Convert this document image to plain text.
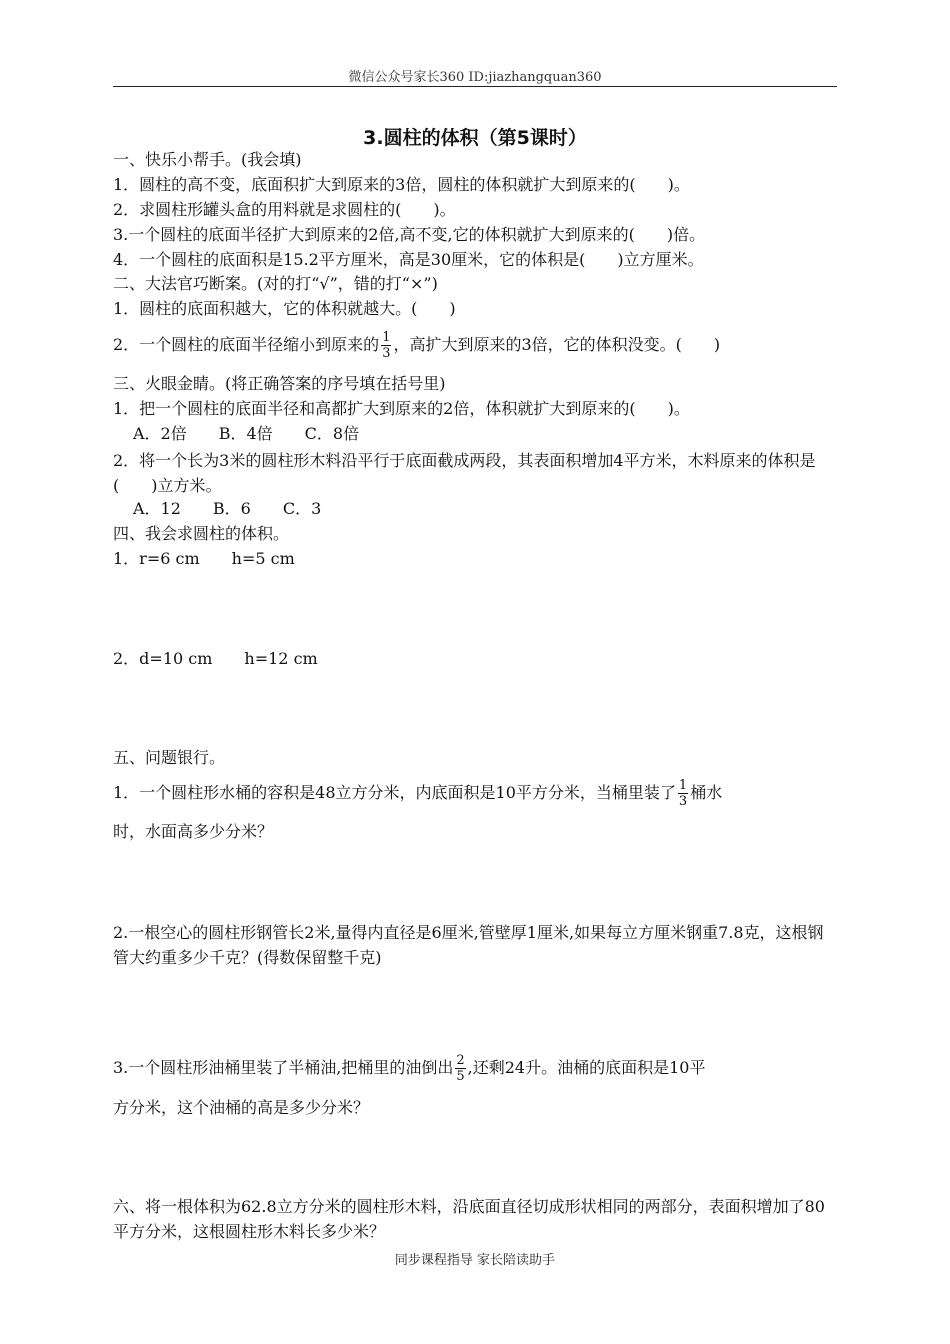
微信公众号家长360 ID:jiazhangquan360
3.圆柱的体积（第5课时）
一、快乐小帮手。(我会填)
1．圆柱的高不变，底面积扩大到原来的3倍，圆柱的体积就扩大到原来的(　　)。
2．求圆柱形罐头盒的用料就是求圆柱的(　　)。
3.一个圆柱的底面半径扩大到原来的2倍,高不变,它的体积就扩大到原来的(　　)倍。
4．一个圆柱的底面积是15.2平方厘米，高是30厘米，它的体积是(　　)立方厘米。
二、大法官巧断案。(对的打“√”，错的打“×”)
1．圆柱的底面积越大，它的体积就越大。(　　)
2．一个圆柱的底面半径缩小到原来的 $\frac{1}{3}$ ，高扩大到原来的3倍，它的体积没变。(　　)
三、火眼金睛。(将正确答案的序号填在括号里)
1．把一个圆柱的底面半径和高都扩大到原来的2倍，体积就扩大到原来的(　　)。
A．2倍　　B．4倍　　C．8倍
2．将一个长为3米的圆柱形木料沿平行于底面截成两段，其表面积增加4平方米，木料原来的体积是(　　)立方米。
A．12　　B．6　　C．3
四、我会求圆柱的体积。
1．r=6 cm　　h=5 cm
2．d=10 cm　　h=12 cm
五、问题银行。
1．一个圆柱形水桶的容积是48立方分米，内底面积是10平方分米，当桶里装了 $\frac{1}{3}$ 桶水
时，水面高多少分米？
2.一根空心的圆柱形钢管长2米,量得内直径是6厘米,管壁厚1厘米,如果每立方厘米钢重7.8克，这根钢管大约重多少千克？(得数保留整千克)
3.一个圆柱形油桶里装了半桶油,把桶里的油倒出 $\frac{2}{5}$ ,还剩24升。油桶的底面积是10平
方分米，这个油桶的高是多少分米？
六、将一根体积为62.8立方分米的圆柱形木料，沿底面直径切成形状相同的两部分，表面积增加了80平方分米，这根圆柱形木料长多少米？
同步课程指导 家长陪读助手
